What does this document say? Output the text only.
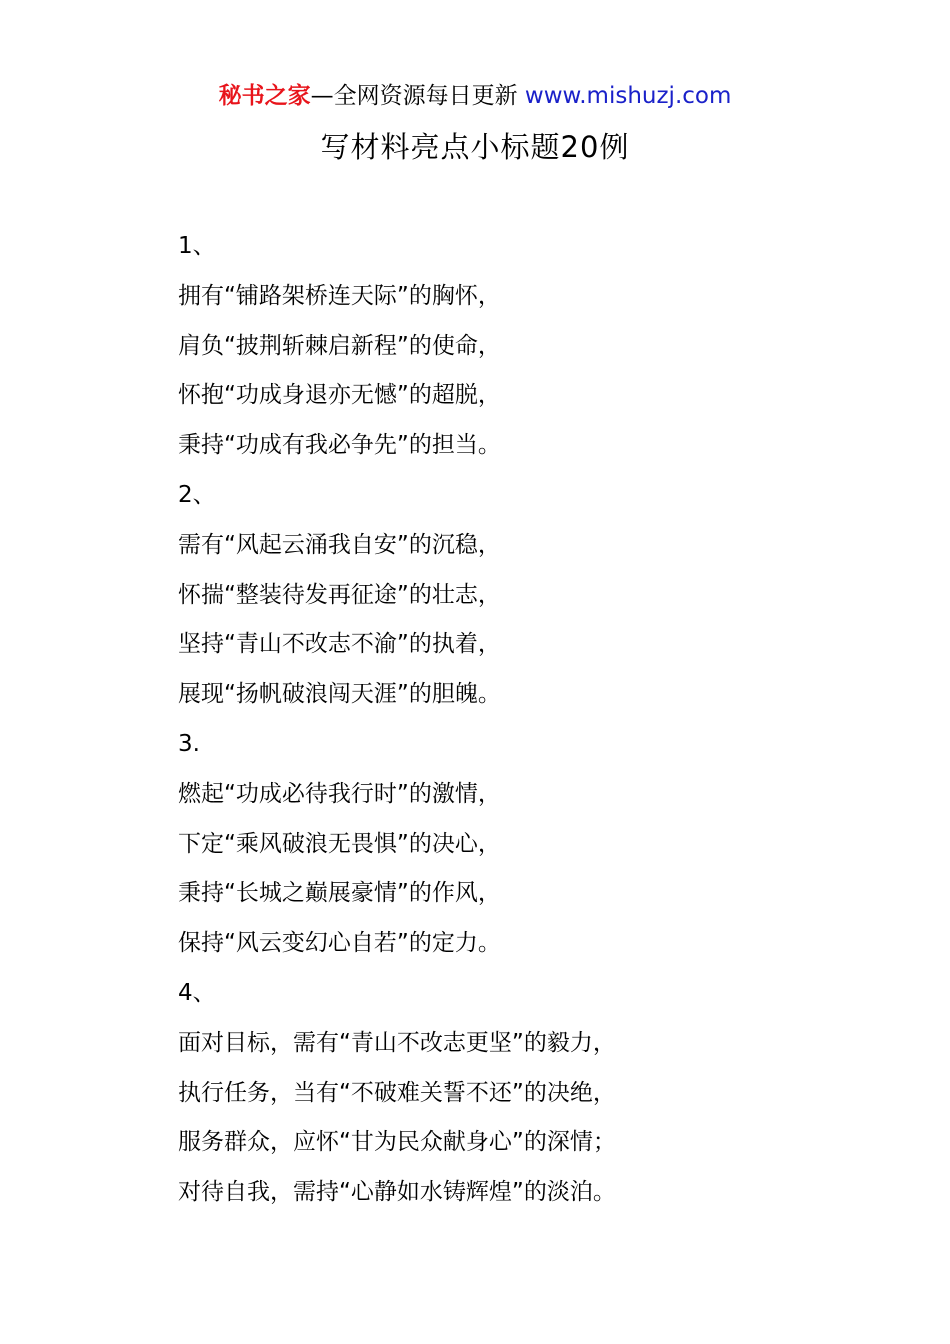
秘书之家—全网资源每日更新 www.mishuzj.com
写材料亮点小标题20例
1、
拥有“铺路架桥连天际”的胸怀，
肩负“披荆斩棘启新程”的使命，
怀抱“功成身退亦无憾”的超脱，
秉持“功成有我必争先”的担当。
2、
需有“风起云涌我自安”的沉稳，
怀揣“整装待发再征途”的壮志，
坚持“青山不改志不渝”的执着，
展现“扬帆破浪闯天涯”的胆魄。
3.
燃起“功成必待我行时”的激情，
下定“乘风破浪无畏惧”的决心，
秉持“长城之巅展豪情”的作风，
保持“风云变幻心自若”的定力。
4、
面对目标，需有“青山不改志更坚”的毅力，
执行任务，当有“不破难关誓不还”的决绝，
服务群众，应怀“甘为民众献身心”的深情；
对待自我，需持“心静如水铸辉煌”的淡泊。
